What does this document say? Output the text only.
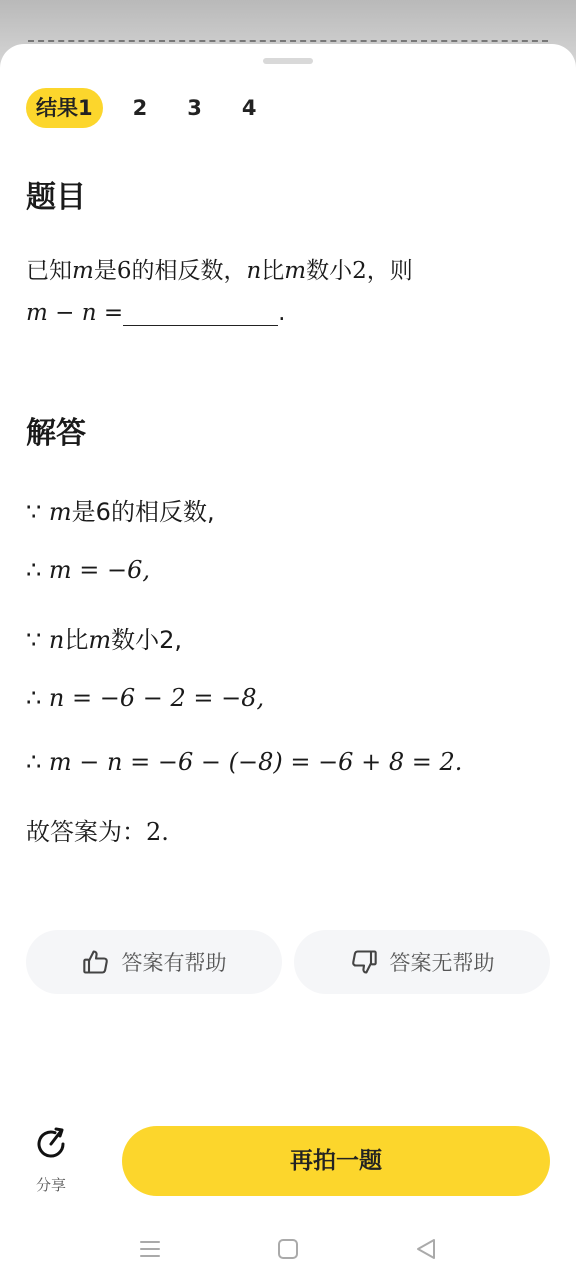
结果1	2 3 4
题目
已知m是6的相反数，n比m数小2，则
m − n =	.
解答
∵ m是6的相反数,
∴ m = −6,
∵ n比m数小2,
∴ n = −6 − 2 = −8,
∴ m − n = −6 − (−8) = −6 + 8 = 2.
故答案为：2.
答案有帮助	答案无帮助
分享
再拍一题
